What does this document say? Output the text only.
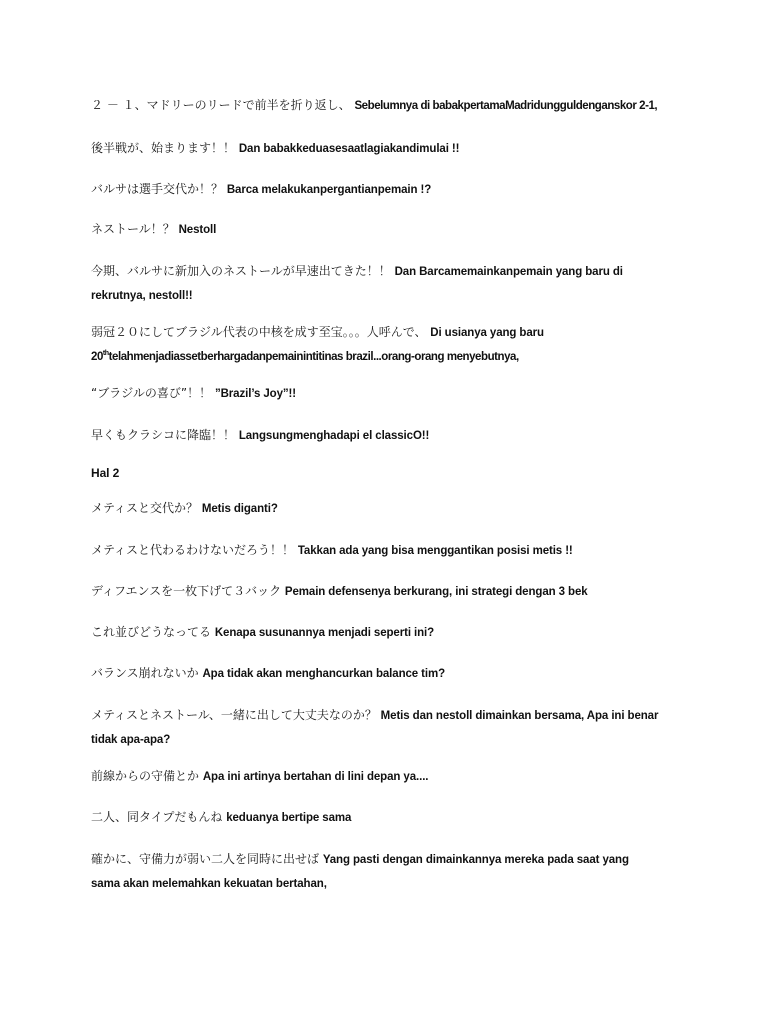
２ － １、マドリーのリードで前半を折り返し、 Sebelumnya di babakpertamaMadridungguldenganskor 2-1,
後半戦が、始まります！！ Dan babakkeduasesaatlagiakandimulai !!
バルサは選手交代か！？ Barca melakukanpergantianpemain !?
ネストール！？ Nestoll
今期、バルサに新加入のネストールが早速出てきた！！ Dan Barcamemainkanpemain yang baru di
rekrutnya, nestoll!!
弱冠２０にしてブラジル代表の中核を成す至宝。。。人呼んで、 Di usianya yang baru
20thtelahmenjadiassetberhargadanpemainintitinas brazil...orang-orang menyebutnya,
“ブラジルの喜び”！！ ”Brazil’s Joy”!!
早くもクラシコに降臨！！ Langsungmenghadapi el classicO!!
Hal 2
メティスと交代か？ Metis diganti?
メティスと代わるわけないだろう！！ Takkan ada yang bisa menggantikan posisi metis !!
ディフエンスを一枚下げて３バック Pemain defensenya berkurang, ini strategi dengan 3 bek
これ並びどうなってる Kenapa susunannya menjadi seperti ini?
バランス崩れないか Apa tidak akan menghancurkan balance tim?
メティスとネストール、一緒に出して大丈夫なのか？ Metis dan nestoll dimainkan bersama, Apa ini benar
tidak apa-apa?
前線からの守備とか Apa ini artinya bertahan di lini depan ya....
二人、同タイプだもんね keduanya bertipe sama
確かに、守備力が弱い二人を同時に出せば Yang pasti dengan dimainkannya mereka pada saat yang
sama akan melemahkan kekuatan bertahan,
